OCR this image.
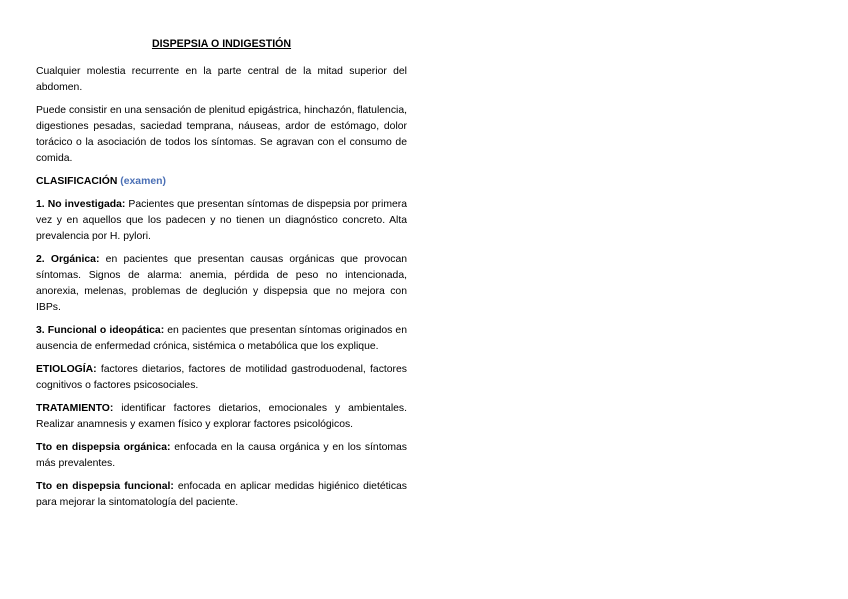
DISPEPSIA O INDIGESTIÓN

Cualquier molestia recurrente en la parte central de la mitad superior del abdomen.

Puede consistir en una sensación de plenitud epigástrica, hinchazón, flatulencia, digestiones pesadas, saciedad temprana, náuseas, ardor de estómago, dolor torácico o la asociación de todos los síntomas. Se agravan con el consumo de comida.

CLASIFICACIÓN (examen)

1. No investigada: Pacientes que presentan síntomas de dispepsia por primera vez y en aquellos que los padecen y no tienen un diagnóstico concreto. Alta prevalencia por H. pylori.

2. Orgánica: en pacientes que presentan causas orgánicas que provocan síntomas. Signos de alarma: anemia, pérdida de peso no intencionada, anorexia, melenas, problemas de deglución y dispepsia que no mejora con IBPs.

3. Funcional o ideopática: en pacientes que presentan síntomas originados en ausencia de enfermedad crónica, sistémica o metabólica que los explique.

ETIOLOGÍA: factores dietarios, factores de motilidad gastroduodenal, factores cognitivos o factores psicosociales.

TRATAMIENTO: identificar factores dietarios, emocionales y ambientales. Realizar anamnesis y examen físico y explorar factores psicológicos.

Tto en dispepsia orgánica: enfocada en la causa orgánica y en los síntomas más prevalentes.

Tto en dispepsia funcional: enfocada en aplicar medidas higiénico dietéticas para mejorar la sintomatología del paciente.
